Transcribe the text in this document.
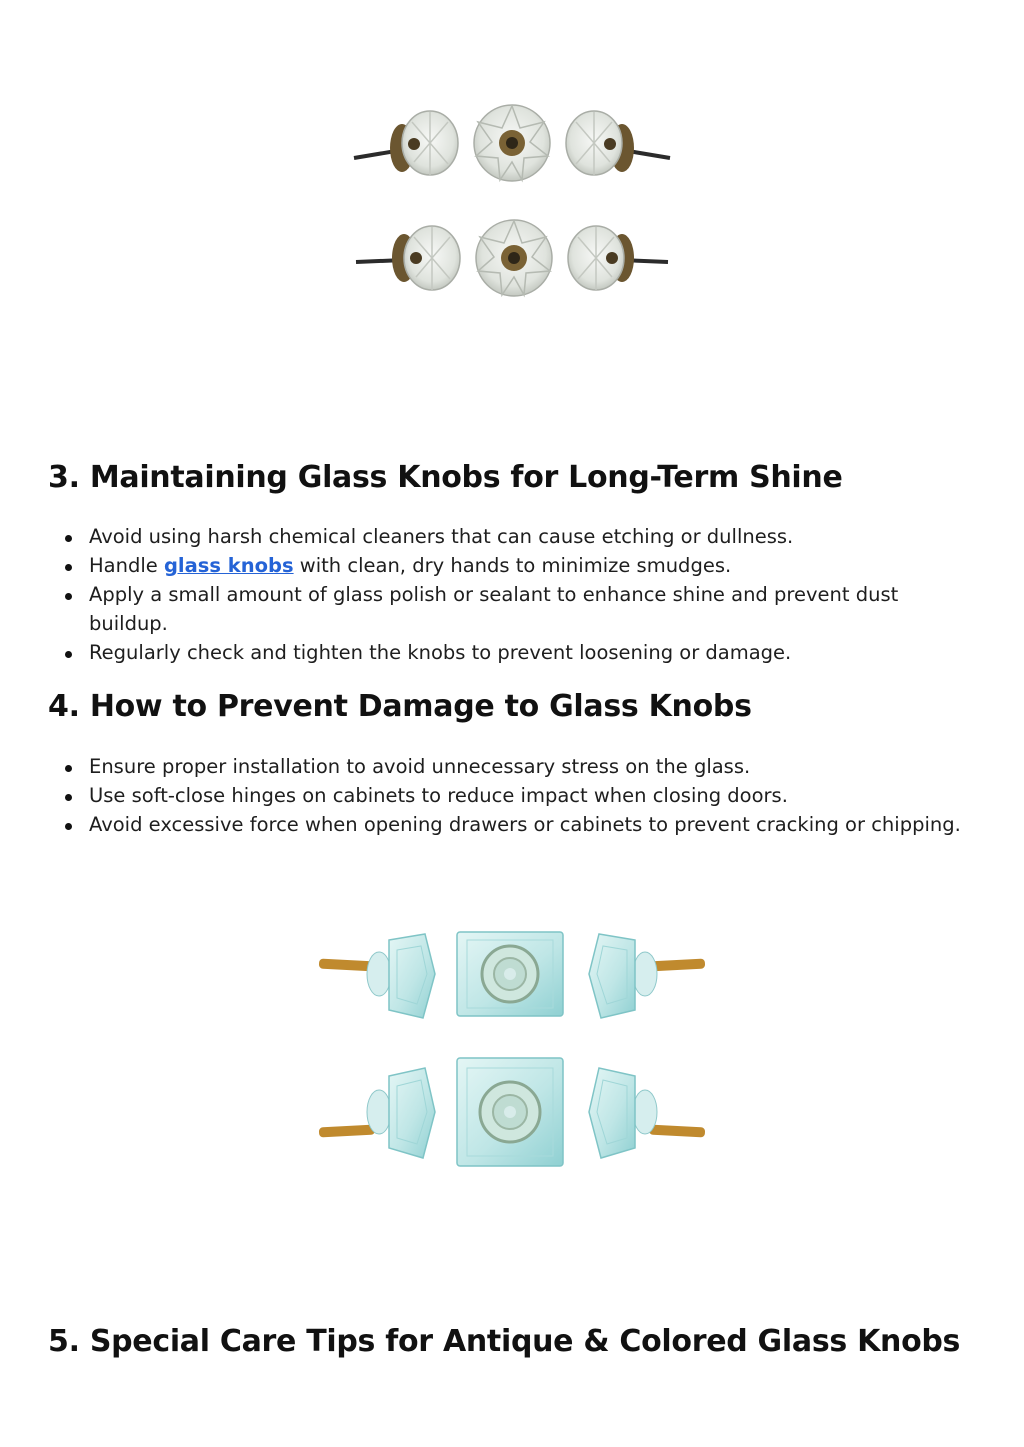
3. Maintaining Glass Knobs for Long-Term Shine
Avoid using harsh chemical cleaners that can cause etching or dullness.
Handle glass knobs with clean, dry hands to minimize smudges.
Apply a small amount of glass polish or sealant to enhance shine and prevent dust buildup.
Regularly check and tighten the knobs to prevent loosening or damage.
4. How to Prevent Damage to Glass Knobs
Ensure proper installation to avoid unnecessary stress on the glass.
Use soft-close hinges on cabinets to reduce impact when closing doors.
Avoid excessive force when opening drawers or cabinets to prevent cracking or chipping.
5. Special Care Tips for Antique & Colored Glass Knobs
